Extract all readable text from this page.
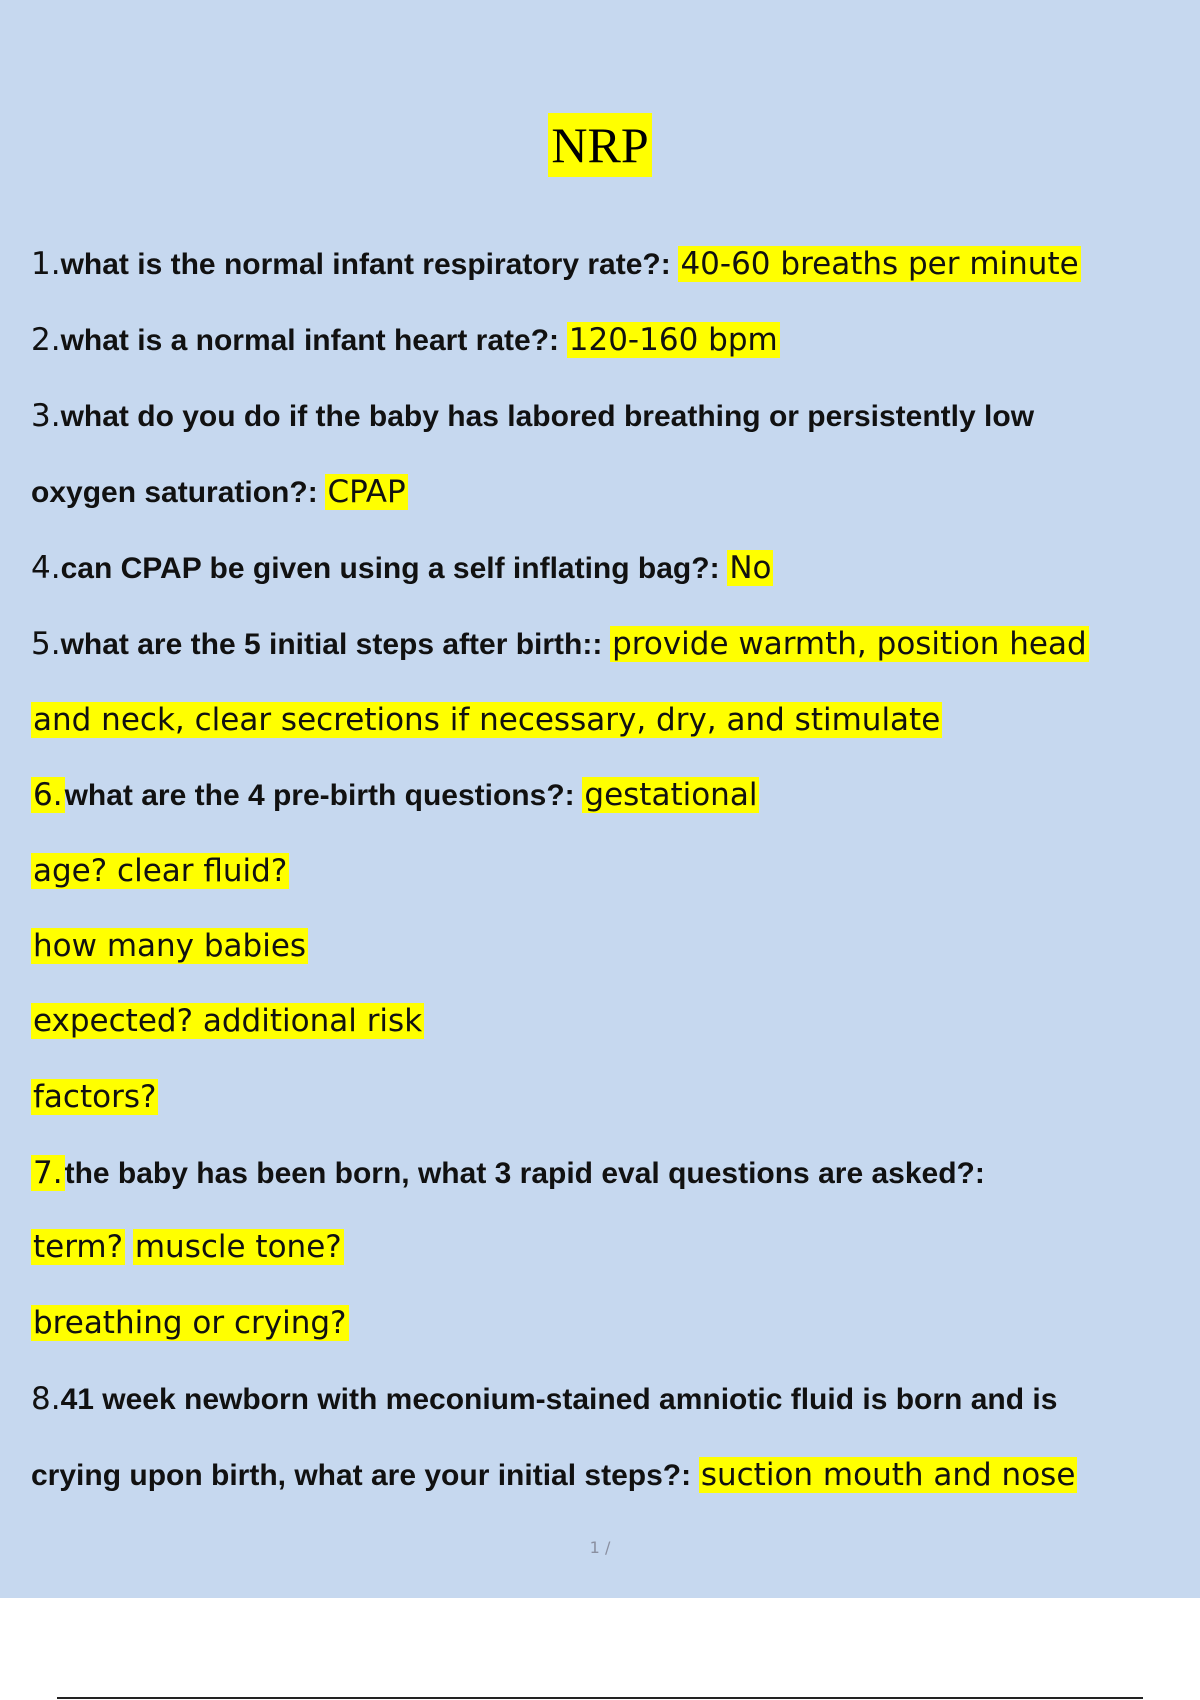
NRP
1.what is the normal infant respiratory rate?: 40-60 breaths per minute
2.what is a normal infant heart rate?: 120-160 bpm
3.what do you do if the baby has labored breathing or persistently low
oxygen saturation?: CPAP
4.can CPAP be given using a self inflating bag?: No
5.what are the 5 initial steps after birth:: provide warmth, position head
and neck, clear secretions if necessary, dry, and stimulate
6.what are the 4 pre-birth questions?: gestational
age? clear fluid?
how many babies
expected? additional risk
factors?
7.the baby has been born, what 3 rapid eval questions are asked?:
term? muscle tone?
breathing or crying?
8.41 week newborn with meconium-stained amniotic fluid is born and is
crying upon birth, what are your initial steps?: suction mouth and nose
1 /
